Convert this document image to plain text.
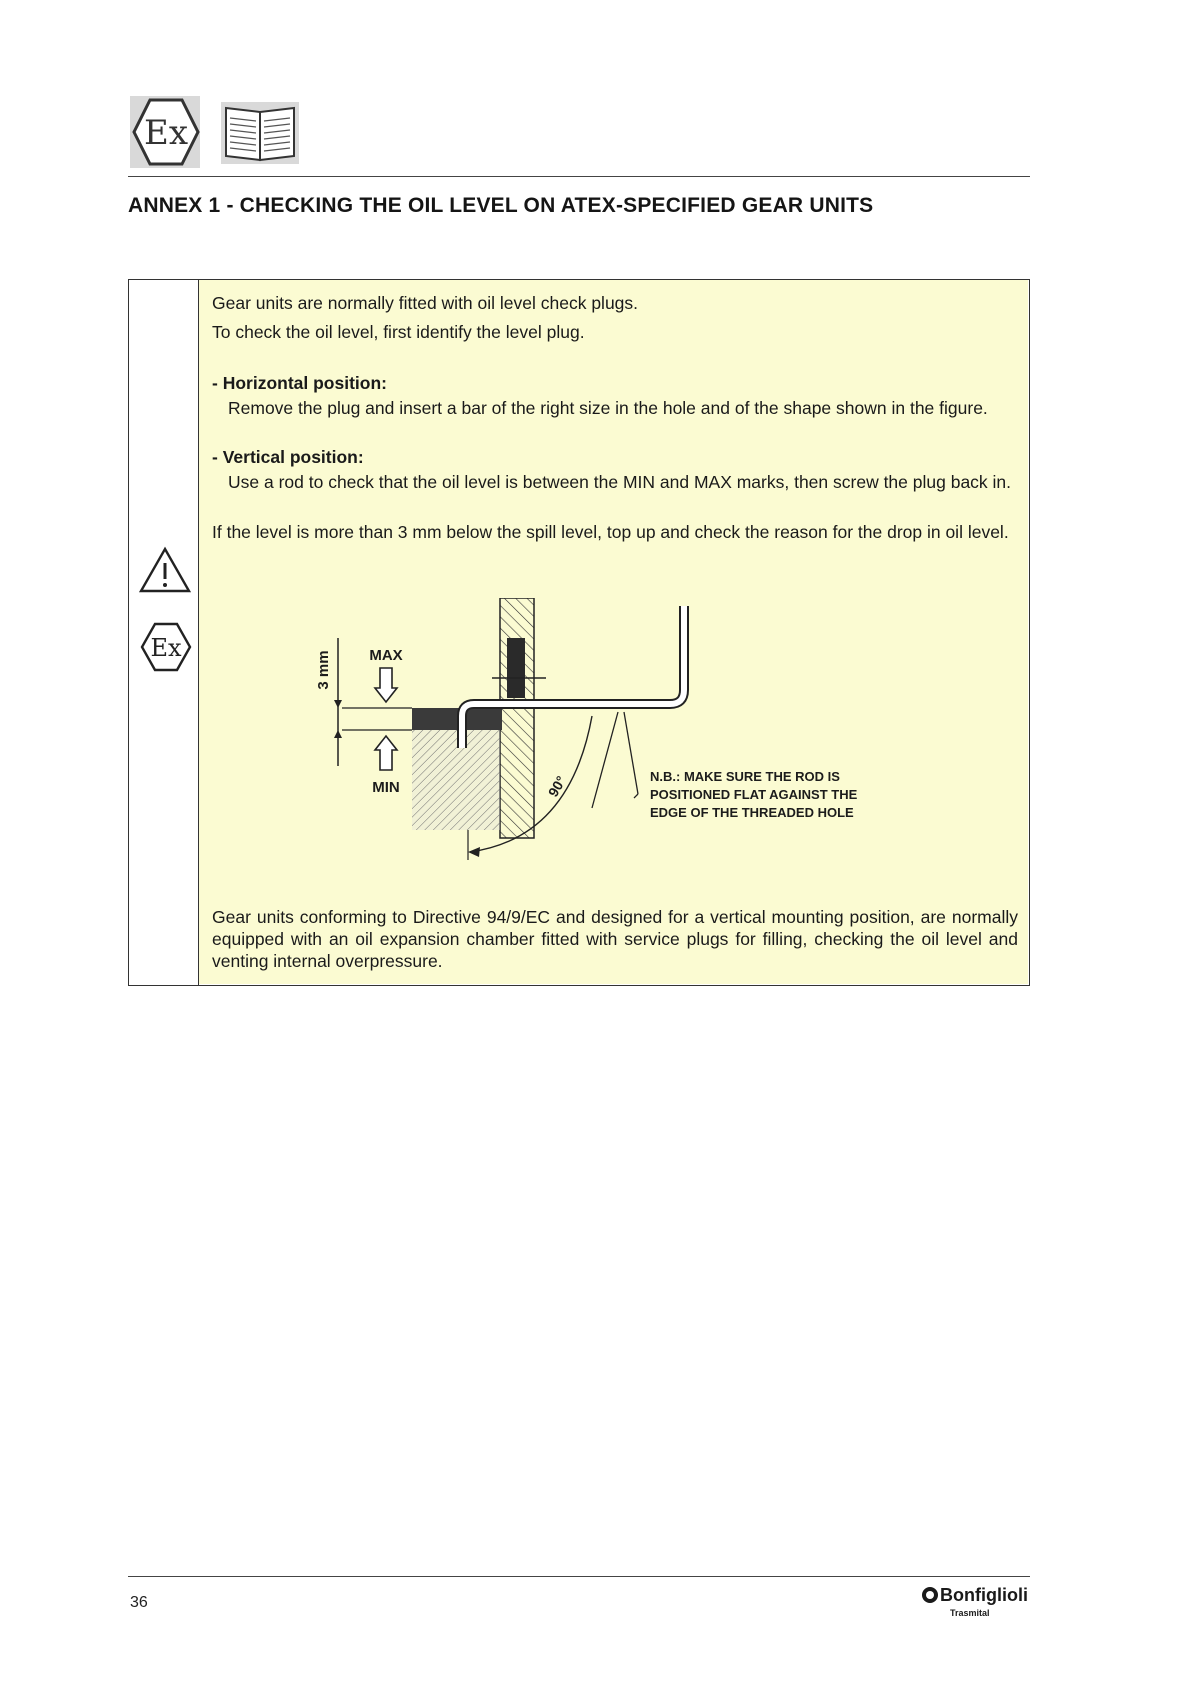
Ex
ANNEX 1 - CHECKING THE OIL LEVEL ON ATEX-SPECIFIED GEAR UNITS
Ex
Gear units are normally fitted with oil level check plugs.
To check the oil level, first identify the level plug.
- Horizontal position:
Remove the plug and insert a bar of the right size in the hole and of the shape shown in the figure.
- Vertical position:
Use a rod to check that the oil level is between the MIN and MAX marks, then screw the plug back in.
If the level is more than 3 mm below the spill level, top up and check the reason for the drop in oil level.
3 mm MAX
MIN	90°	N.B.: MAKE SURE THE ROD IS
POSITIONED FLAT AGAINST THE
EDGE OF THE THREADED HOLE
Gear units conforming to Directive 94/9/EC and designed for a vertical mounting position, are normally equipped with an oil expansion chamber fitted with service plugs for filling, checking the oil level and venting internal overpressure.
36	Bonfiglioli
Trasmital
